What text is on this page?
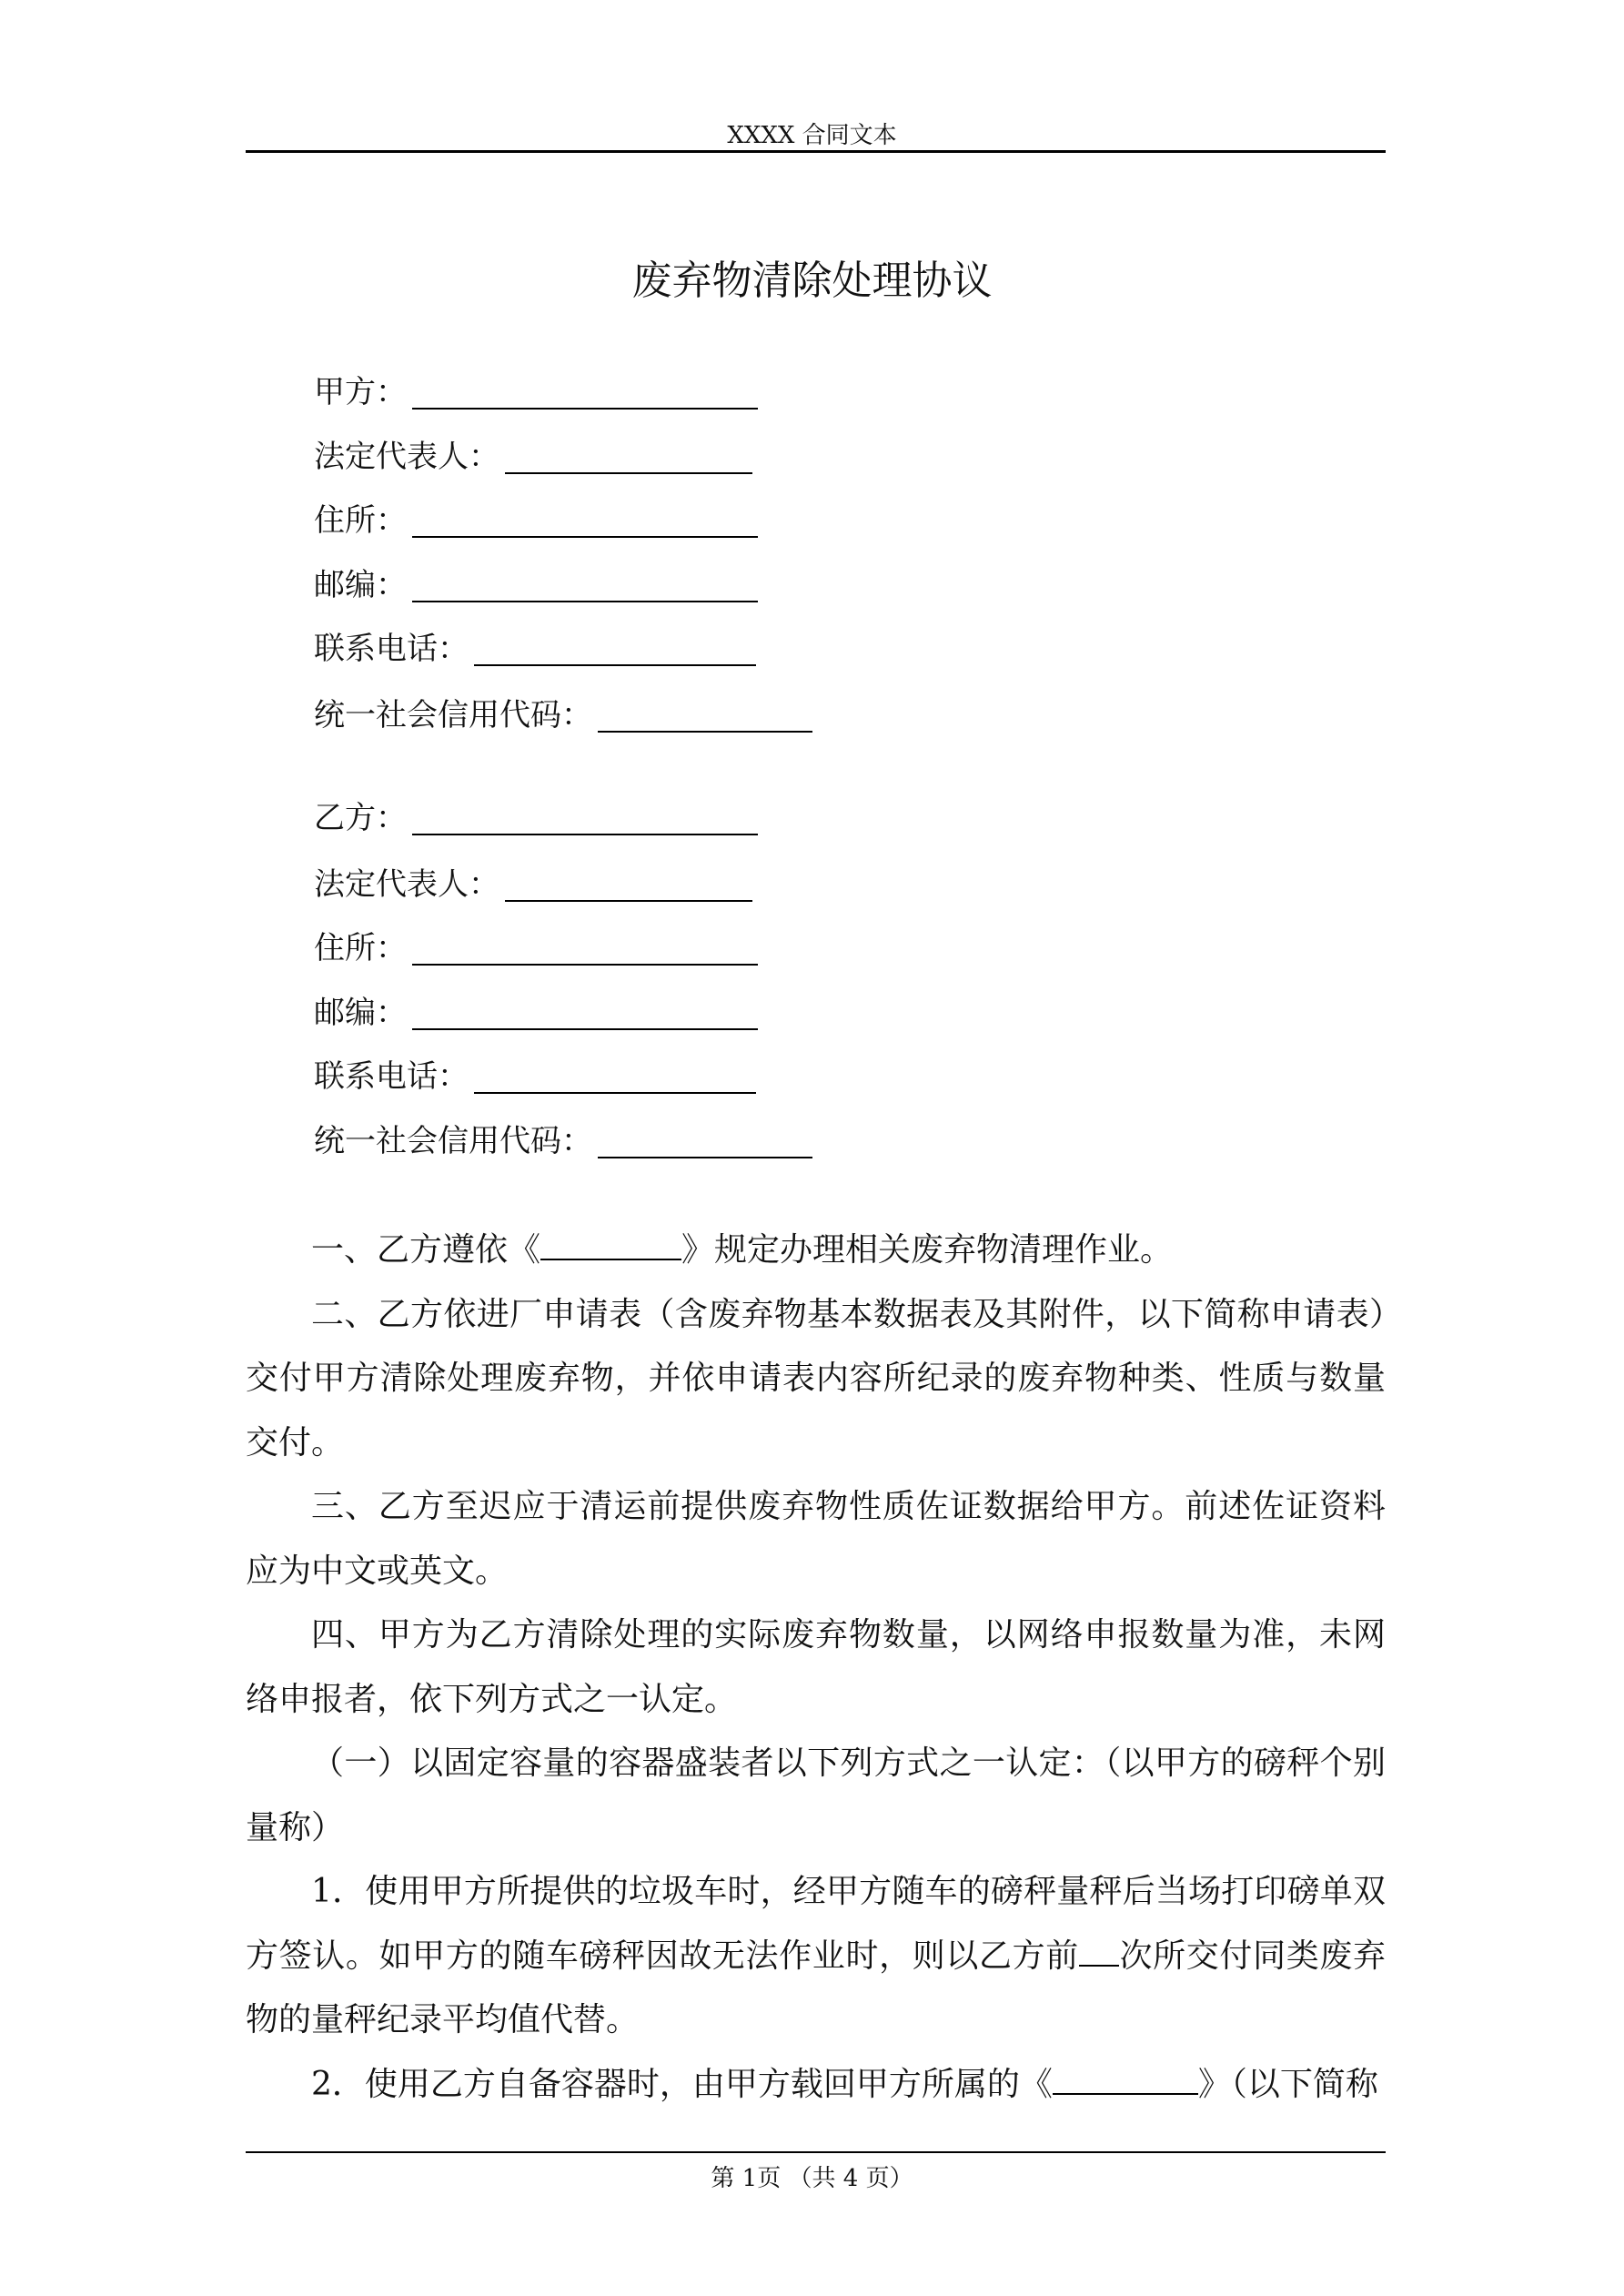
XXXX 合同文本
废弃物清除处理协议
甲方：
法定代表人：
住所：
邮编：
联系电话：
统一社会信用代码：
乙方：
法定代表人：
住所：
邮编：
联系电话：
统一社会信用代码：

一、乙方遵依《	》规定办理相关废弃物清理作业。

二、乙方依进厂申请表（含废弃物基本数据表及其附件，以下简称申请表）交付甲方清除处理废弃物，并依申请表内容所纪录的废弃物种类、性质与数量交付。

三、乙方至迟应于清运前提供废弃物性质佐证数据给甲方。前述佐证资料应为中文或英文。

四、甲方为乙方清除处理的实际废弃物数量，以网络申报数量为准，未网络申报者，依下列方式之一认定。

（一）以固定容量的容器盛装者以下列方式之一认定：（以甲方的磅秤个别量称）

1．使用甲方所提供的垃圾车时，经甲方随车的磅秤量秤后当场打印磅单双方签认。如甲方的随车磅秤因故无法作业时，则以乙方前 次所交付同类废弃物的量秤纪录平均值代替。

2．使用乙方自备容器时，由甲方载回甲方所属的《	》（以下简称

第 1页 （共 4 页）
